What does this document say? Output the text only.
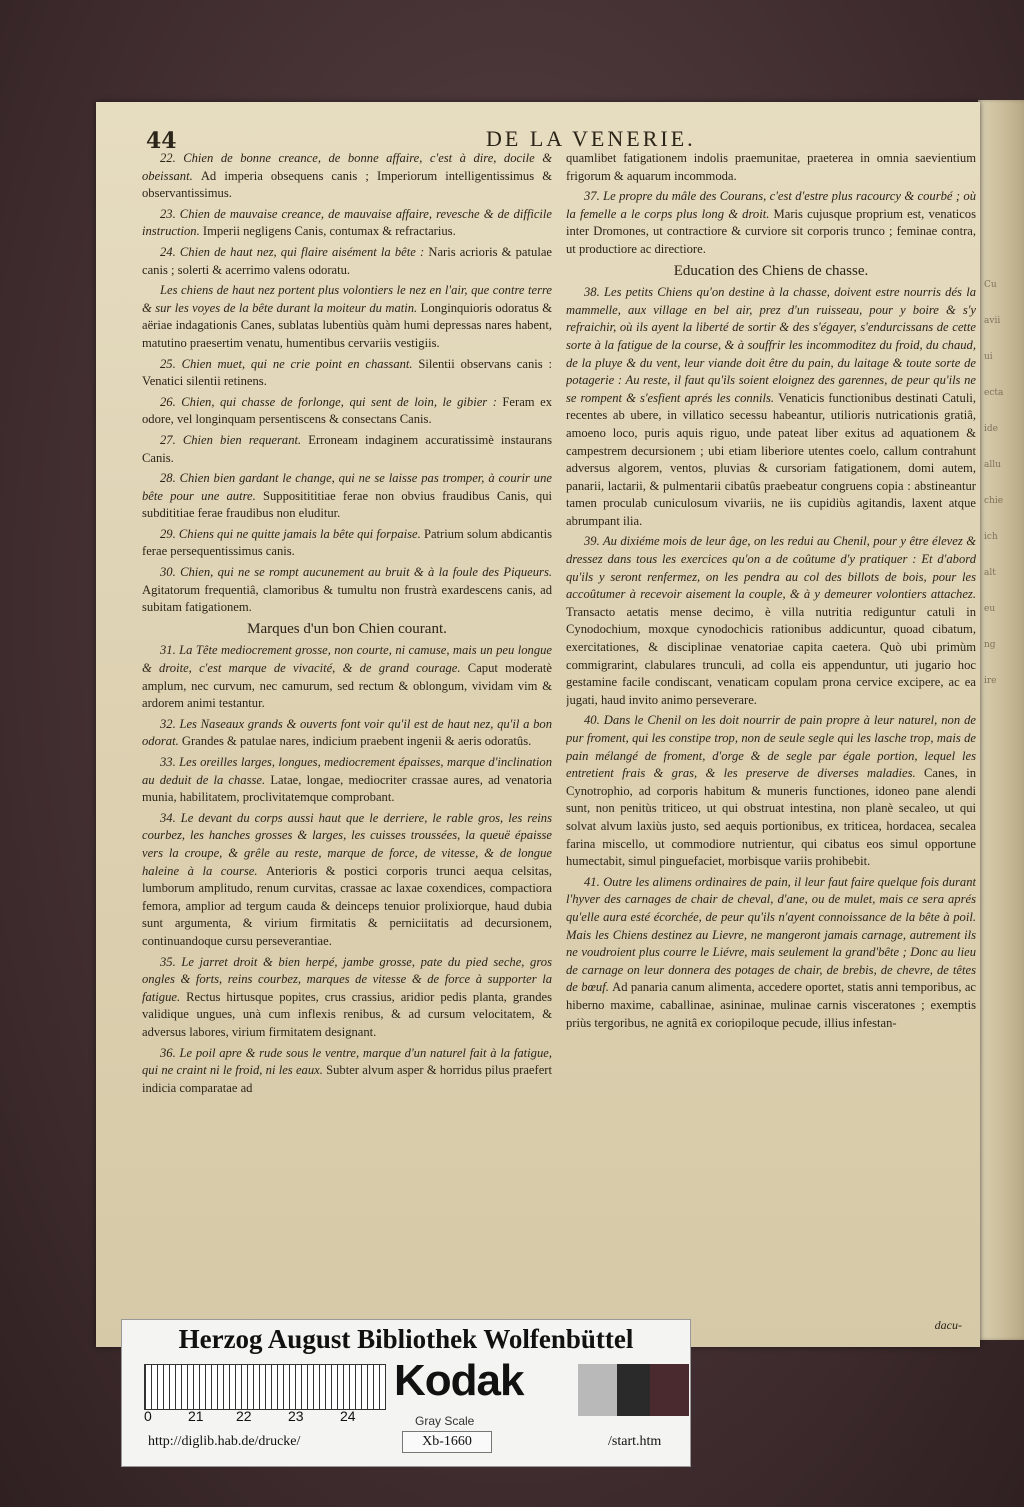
Cu
avii
ui
ecta
ide
allu
chie
ich
alt
eu
ng
ire
44	DE LA VENERIE.

22. Chien de bonne creance, de bonne affaire, c'est à dire, docile & obeissant. Ad imperia obsequens canis ; Imperiorum intelligentissimus & observantissimus.

23. Chien de mauvaise creance, de mauvaise affaire, revesche & de difficile instruction. Imperii negligens Canis, contumax & refractarius.

24. Chien de haut nez, qui flaire aisément la bête : Naris acrioris & patulae canis ; solerti & acerrimo valens odoratu.

Les chiens de haut nez portent plus volontiers le nez en l'air, que contre terre & sur les voyes de la bête durant la moiteur du matin. Longinquioris odoratus & aëriae indagationis Canes, sublatas lubentiùs quàm humi depressas nares habent, matutino praesertim venatu, humentibus cervariis vestigiis.

25. Chien muet, qui ne crie point en chassant. Silentii observans canis : Venatici silentii retinens.

26. Chien, qui chasse de forlonge, qui sent de loin, le gibier : Feram ex odore, vel longinquam persentiscens & consectans Canis.

27. Chien bien requerant. Erroneam indaginem accuratissimè instaurans Canis.

28. Chien bien gardant le change, qui ne se laisse pas tromper, à courir une bête pour une autre. Suppositititiae ferae non obvius fraudibus Canis, qui subdititiae ferae fraudibus non eluditur.

29. Chiens qui ne quitte jamais la bête qui forpaise. Patrium solum abdicantis ferae persequentissimus canis.

30. Chien, qui ne se rompt aucunement au bruit & à la foule des Piqueurs. Agitatorum frequentiâ, clamoribus & tumultu non frustrà exardescens canis, ad subitam fatigationem.

Marques d'un bon Chien courant.

31. La Tête mediocrement grosse, non courte, ni camuse, mais un peu longue & droite, c'est marque de vivacité, & de grand courage. Caput moderatè amplum, nec curvum, nec camurum, sed rectum & oblongum, vividam vim & ardorem animi testantur.

32. Les Naseaux grands & ouverts font voir qu'il est de haut nez, qu'il a bon odorat. Grandes & patulae nares, indicium praebent ingenii & aeris odoratûs.

33. Les oreilles larges, longues, mediocrement épaisses, marque d'inclination au deduit de la chasse. Latae, longae, mediocriter crassae aures, ad venatoria munia, habilitatem, proclivitatemque comprobant.

34. Le devant du corps aussi haut que le derriere, le rable gros, les reins courbez, les hanches grosses & larges, les cuisses troussées, la queuë épaisse vers la croupe, & grêle au reste, marque de force, de vitesse, & de longue haleine à la course. Anterioris & postici corporis trunci aequa celsitas, lumborum amplitudo, renum curvitas, crassae ac laxae coxendices, compactiora femora, amplior ad tergum cauda & deinceps tenuior prolixiorque, haud dubia sunt argumenta, & virium firmitatis & perniciitatis ad decursionem, continuandoque cursu perseverantiae.

35. Le jarret droit & bien herpé, jambe grosse, pate du pied seche, gros ongles & forts, reins courbez, marques de vitesse & de force à supporter la fatigue. Rectus hirtusque popites, crus crassius, aridior pedis planta, grandes validique ungues, unà cum inflexis renibus, & ad cursum velocitatem, & adversus labores, virium firmitatem designant.

36. Le poil apre & rude sous le ventre, marque d'un naturel fait à la fatigue, qui ne craint ni le froid, ni les eaux. Subter alvum asper & horridus pilus praefert indicia comparatae ad

quamlibet fatigationem indolis praemunitae, praeterea in omnia saevientium frigorum & aquarum incommoda.

37. Le propre du mâle des Courans, c'est d'estre plus racourcy & courbé ; où la femelle a le corps plus long & droit. Maris cujusque proprium est, venaticos inter Dromones, ut contractiore & curviore sit corporis trunco ; feminae contra, ut productiore ac directiore.

Education des Chiens de chasse.

38. Les petits Chiens qu'on destine à la chasse, doivent estre nourris dés la mammelle, aux village en bel air, prez d'un ruisseau, pour y boire & s'y refraichir, où ils ayent la liberté de sortir & des s'égayer, s'endurcissans de cette sorte à la fatigue de la course, & à souffrir les incommoditez du froid, du chaud, de la pluye & du vent, leur viande doit être du pain, du laitage & toute sorte de potagerie : Au reste, il faut qu'ils soient eloignez des garennes, de peur qu'ils ne se rompent & s'esfient aprés les connils. Venaticis functionibus destinati Catuli, recentes ab ubere, in villatico secessu habeantur, utilioris nutricationis gratiâ, amoeno loco, puris aquis riguo, unde pateat liber exitus ad aquationem & campestrem decursionem ; ubi etiam liberiore utentes coelo, callum contrahunt adversus algorem, ventos, pluvias & cursoriam fatigationem, domi autem, panarii, lactarii, & pulmentarii cibatûs praebeatur congruens copia : abstineantur tamen proculab cuniculosum vivariis, ne iis cupidiùs agitandis, laxent atque abrumpant ilia.

39. Au dixiéme mois de leur âge, on les redui au Chenil, pour y être élevez & dressez dans tous les exercices qu'on a de coûtume d'y pratiquer : Et d'abord qu'ils y seront renfermez, on les pendra au col des billots de bois, pour les accoûtumer à recevoir aisement la couple, & à y demeurer volontiers attachez. Transacto aetatis mense decimo, è villa nutritia rediguntur catuli in Cynodochium, moxque cynodochicis rationibus addicuntur, quoad cibatum, exercitationes, & disciplinae venatoriae capita caetera. Quò ubi primùm commigrarint, clabulares trunculi, ad colla eis appenduntur, uti jugario hoc gestamine facile condiscant, venaticam copulam prona cervice excipere, ac ea jugati, haud invito animo perseverare.

40. Dans le Chenil on les doit nourrir de pain propre à leur naturel, non de pur froment, qui les constipe trop, non de seule segle qui les lasche trop, mais de pain mélangé de froment, d'orge & de segle par égale portion, lequel les entretient frais & gras, & les preserve de diverses maladies. Canes, in Cynotrophio, ad corporis habitum & muneris functiones, idoneo pane alendi sunt, non penitùs triticeo, ut qui obstruat intestina, non planè secaleo, ut qui solvat alvum laxiùs justo, sed aequis portionibus, ex triticea, hordacea, secalea farina miscello, ut commodiore nutrientur, qui cibatus eos simul opportune humectabit, simul pinguefaciet, morbisque variis prohibebit.

41. Outre les alimens ordinaires de pain, il leur faut faire quelque fois durant l'hyver des carnages de chair de cheval, d'ane, ou de mulet, mais ce sera aprés qu'elle aura esté écorchée, de peur qu'ils n'ayent connoissance de la bête à poil. Mais les Chiens destinez au Lievre, ne mangeront jamais carnage, autrement ils ne voudroient plus courre le Liévre, mais seulement la grand'bête ; Donc au lieu de carnage on leur donnera des potages de chair, de brebis, de chevre, de têtes de bœuf. Ad panaria canum alimenta, accedere oportet, statis anni temporibus, ac hiberno maxime, caballinae, asininae, mulinae carnis visceratones ; exemptis priùs tergoribus, ne agnitâ ex coriopiloque pecude, illius infestan-

dacu-
Herzog August Bibliothek Wolfenbüttel
0	21 22	23	24
Kodak
Gray Scale
http://diglib.hab.de/drucke/	Xb-1660	/start.htm
